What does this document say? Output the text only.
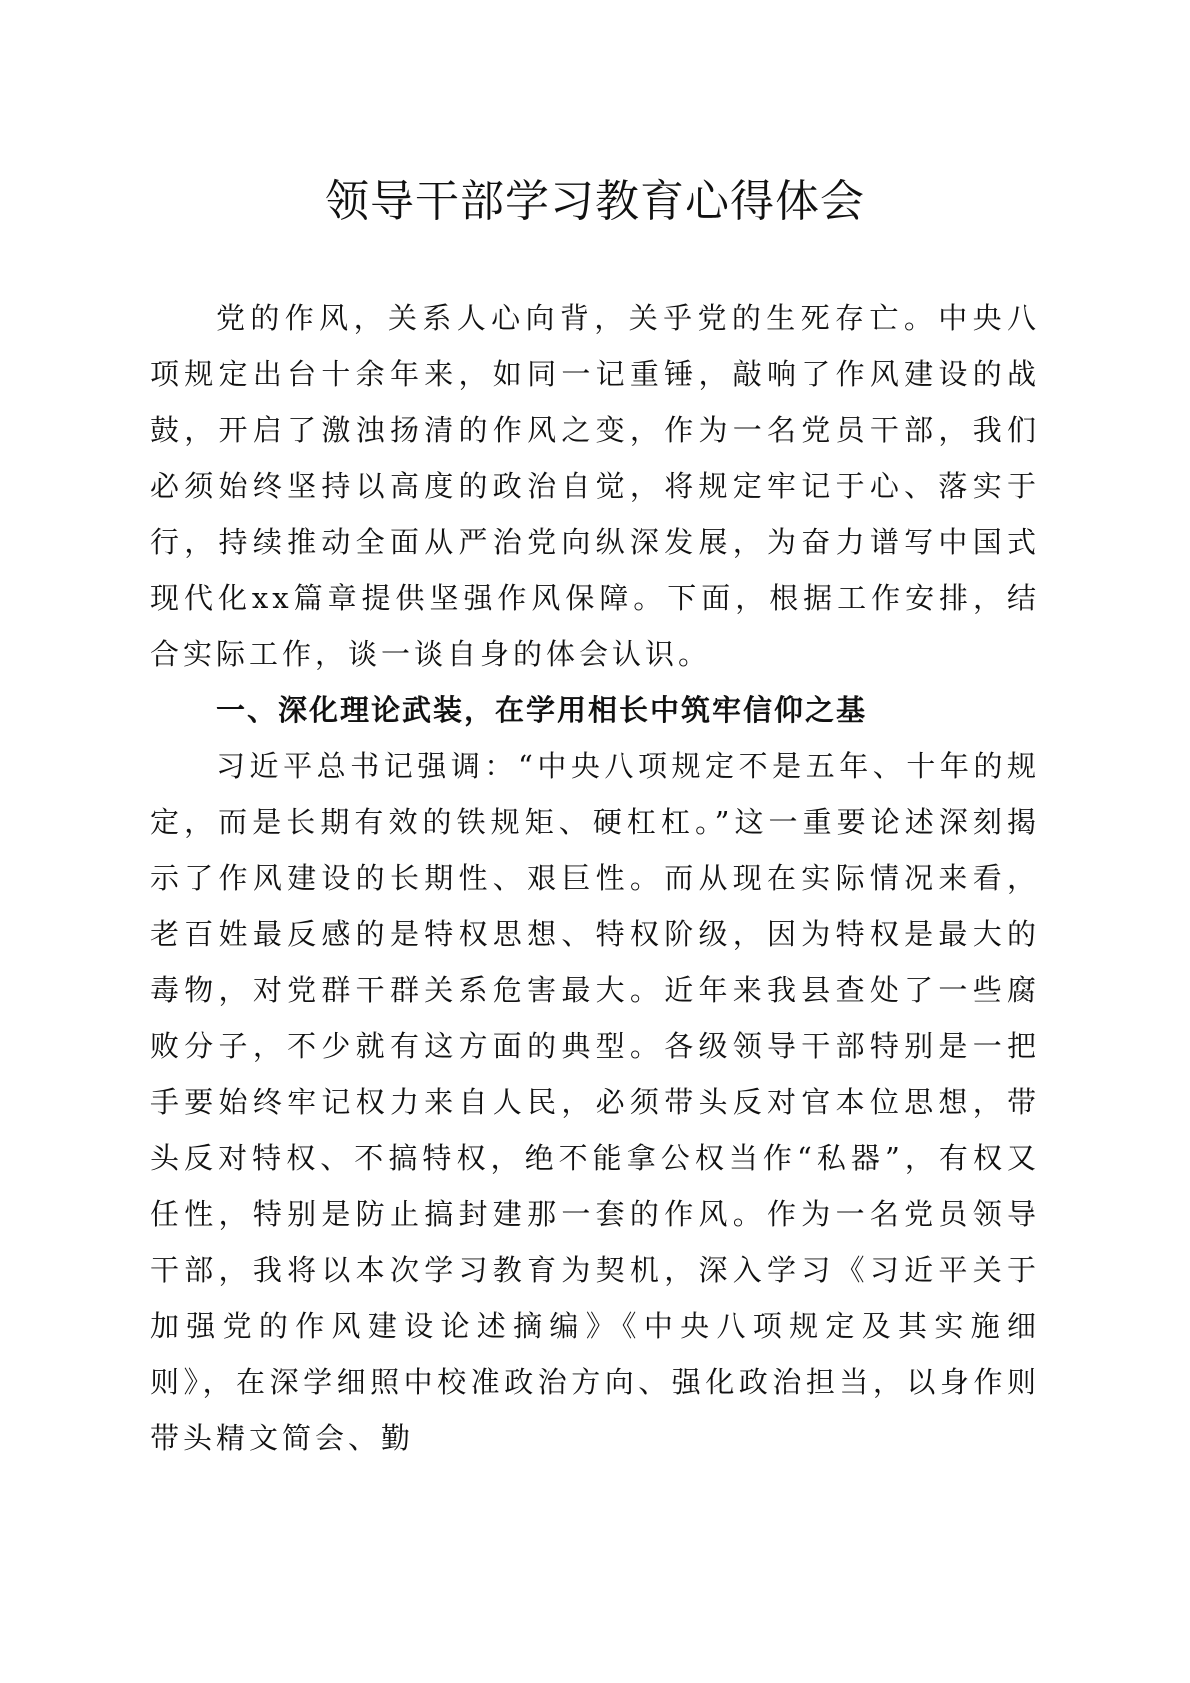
领导干部学习教育心得体会

党的作风，关系人心向背，关乎党的生死存亡。中央八项规定出台十余年来，如同一记重锤，敲响了作风建设的战鼓，开启了激浊扬清的作风之变，作为一名党员干部，我们必须始终坚持以高度的政治自觉，将规定牢记于心、落实于行，持续推动全面从严治党向纵深发展，为奋力谱写中国式现代化xx篇章提供坚强作风保障。下面，根据工作安排，结合实际工作，谈一谈自身的体会认识。

一、深化理论武装，在学用相长中筑牢信仰之基

习近平总书记强调：“中央八项规定不是五年、十年的规定，而是长期有效的铁规矩、硬杠杠。”这一重要论述深刻揭示了作风建设的长期性、艰巨性。而从现在实际情况来看，老百姓最反感的是特权思想、特权阶级，因为特权是最大的毒物，对党群干群关系危害最大。近年来我县查处了一些腐败分子，不少就有这方面的典型。各级领导干部特别是一把手要始终牢记权力来自人民，必须带头反对官本位思想，带头反对特权、不搞特权，绝不能拿公权当作“私器”，有权又任性，特别是防止搞封建那一套的作风。作为一名党员领导干部，我将以本次学习教育为契机，深入学习《习近平关于加强党的作风建设论述摘编》《中央八项规定及其实施细则》，在深学细照中校准政治方向、强化政治担当，以身作则带头精文简会、勤
